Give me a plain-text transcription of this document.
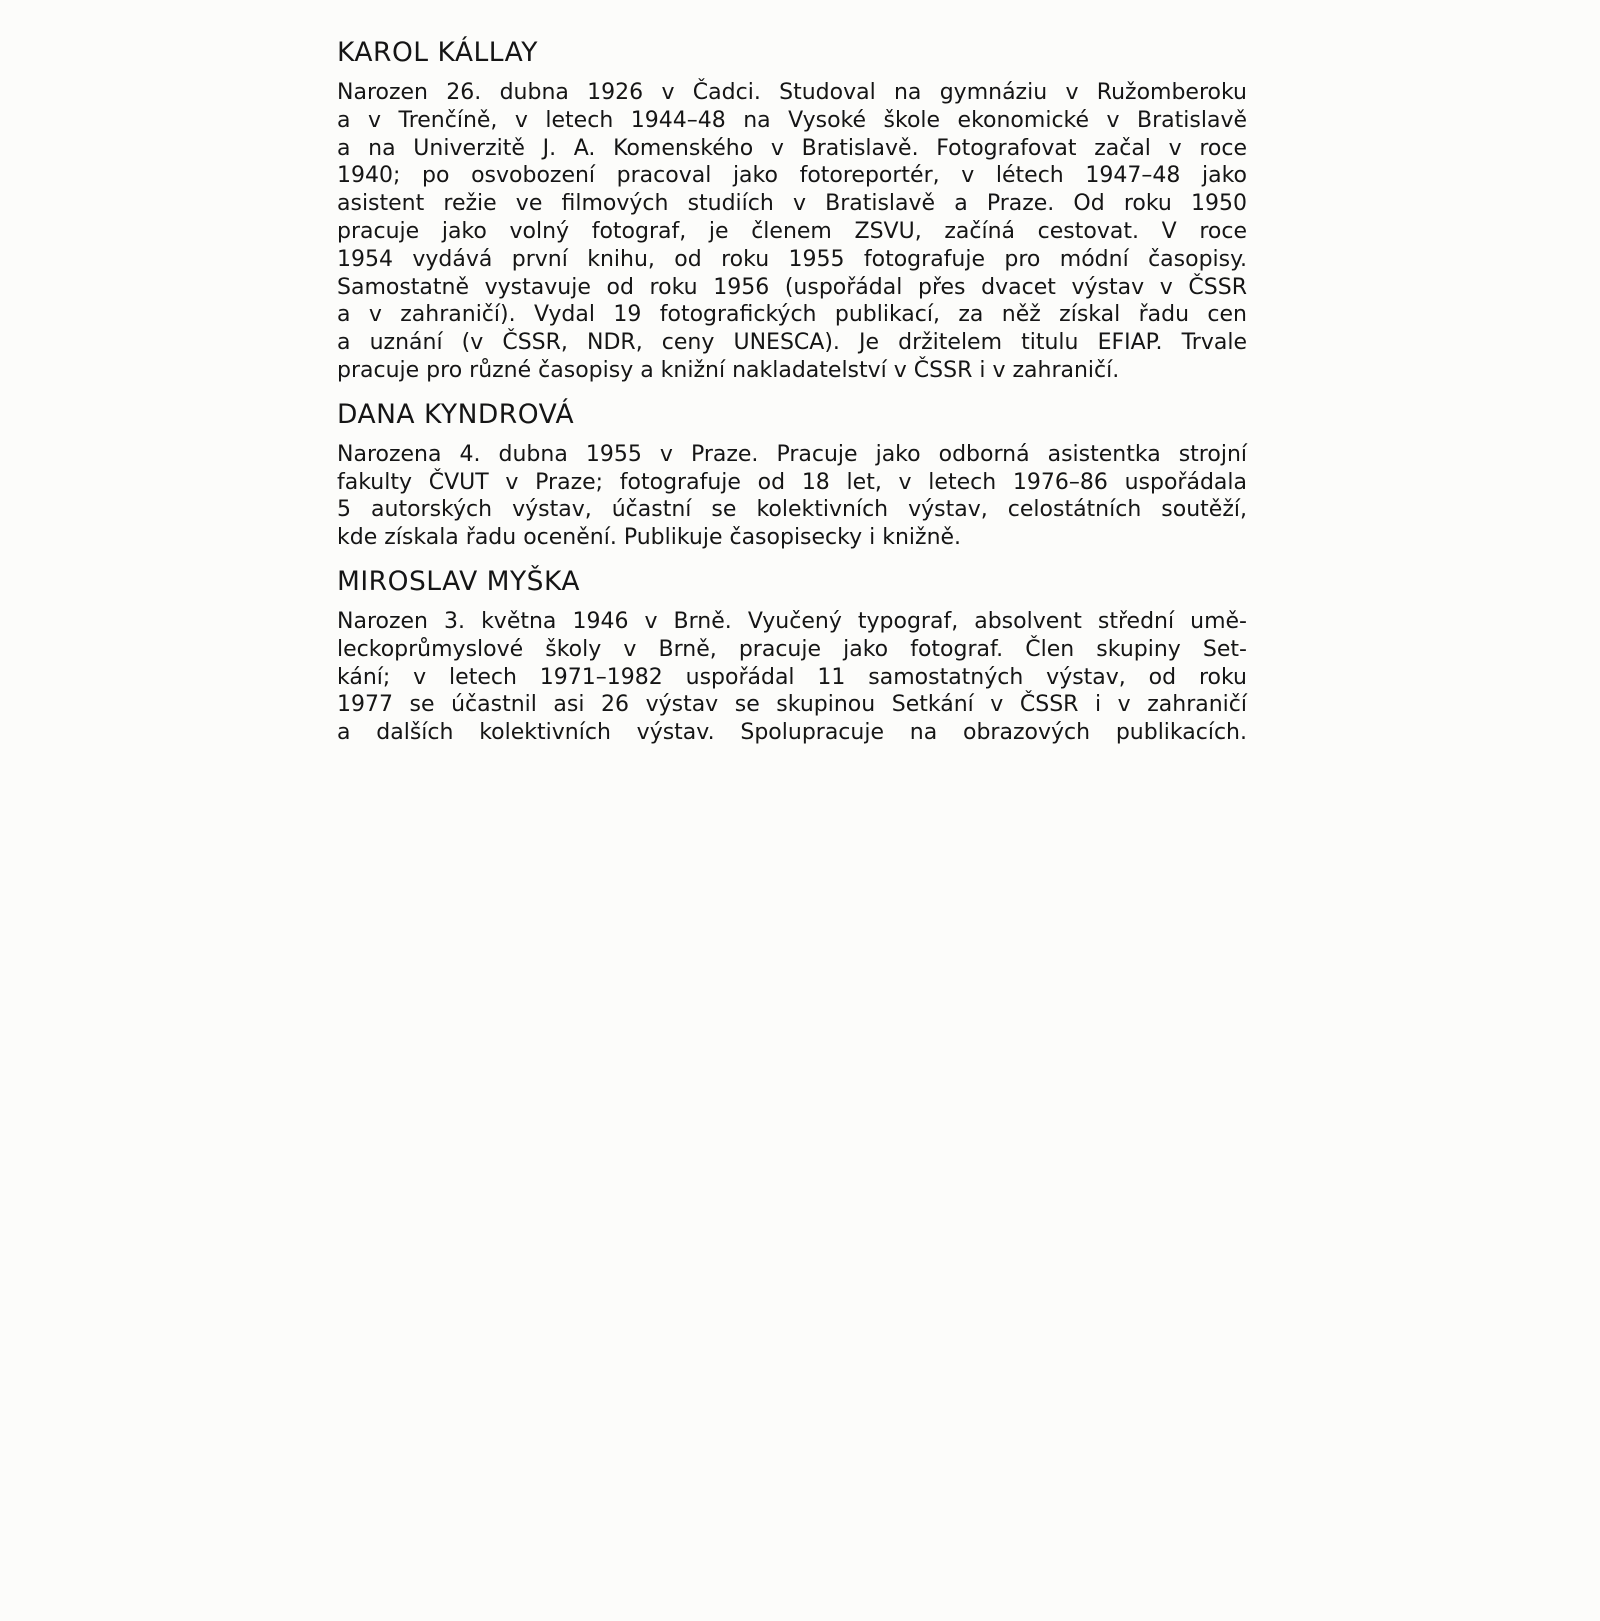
KAROL KÁLLAY

Narozen 26. dubna 1926 v Čadci. Studoval na gymnáziu v Ružomberoku
a v Trenčíně, v letech 1944–48 na Vysoké škole ekonomické v Bratislavě
a na Univerzitě J. A. Komenského v Bratislavě. Fotografovat začal v roce
1940; po osvobození pracoval jako fotoreportér, v létech 1947–48 jako
asistent režie ve filmových studiích v Bratislavě a Praze. Od roku 1950
pracuje jako volný fotograf, je členem ZSVU, začíná cestovat. V roce
1954 vydává první knihu, od roku 1955 fotografuje pro módní časopisy.
Samostatně vystavuje od roku 1956 (uspořádal přes dvacet výstav v ČSSR
a v zahraničí). Vydal 19 fotografických publikací, za něž získal řadu cen
a uznání (v ČSSR, NDR, ceny UNESCA). Je držitelem titulu EFIAP. Trvale
pracuje pro různé časopisy a knižní nakladatelství v ČSSR i v zahraničí.

DANA KYNDROVÁ

Narozena 4. dubna 1955 v Praze. Pracuje jako odborná asistentka strojní
fakulty ČVUT v Praze; fotografuje od 18 let, v letech 1976–86 uspořádala
5 autorských výstav, účastní se kolektivních výstav, celostátních soutěží,
kde získala řadu ocenění. Publikuje časopisecky i knižně.

MIROSLAV MYŠKA

Narozen 3. května 1946 v Brně. Vyučený typograf, absolvent střední umě-
leckoprůmyslové školy v Brně, pracuje jako fotograf. Člen skupiny Set-
kání; v letech 1971–1982 uspořádal 11 samostatných výstav, od roku
1977 se účastnil asi 26 výstav se skupinou Setkání v ČSSR i v zahraničí
a dalších kolektivních výstav. Spolupracuje na obrazových publikacích.
